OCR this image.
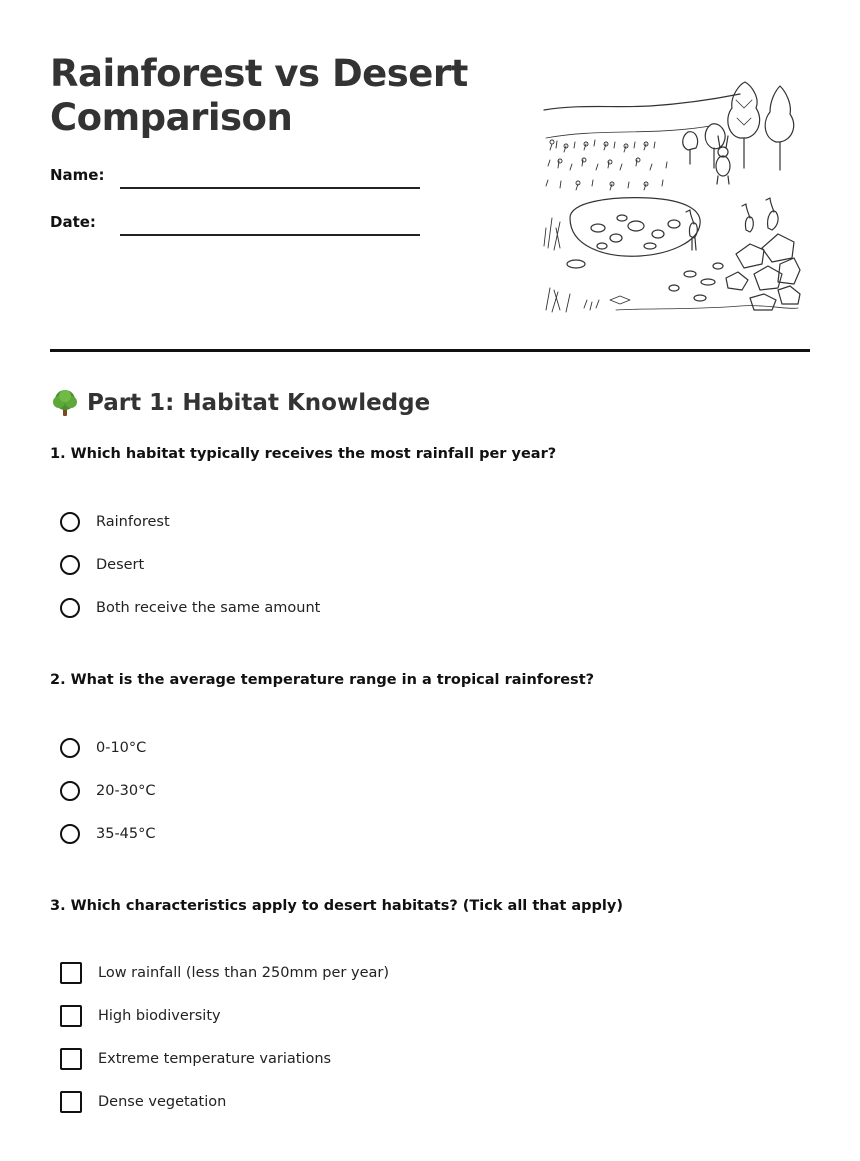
Rainforest vs Desert
Comparison
Name:
Date:
Part 1: Habitat Knowledge
1. Which habitat typically receives the most rainfall per year?
Rainforest
Desert
Both receive the same amount
2. What is the average temperature range in a tropical rainforest?
0-10°C
20-30°C
35-45°C
3. Which characteristics apply to desert habitats? (Tick all that apply)
Low rainfall (less than 250mm per year)
High biodiversity
Extreme temperature variations
Dense vegetation
